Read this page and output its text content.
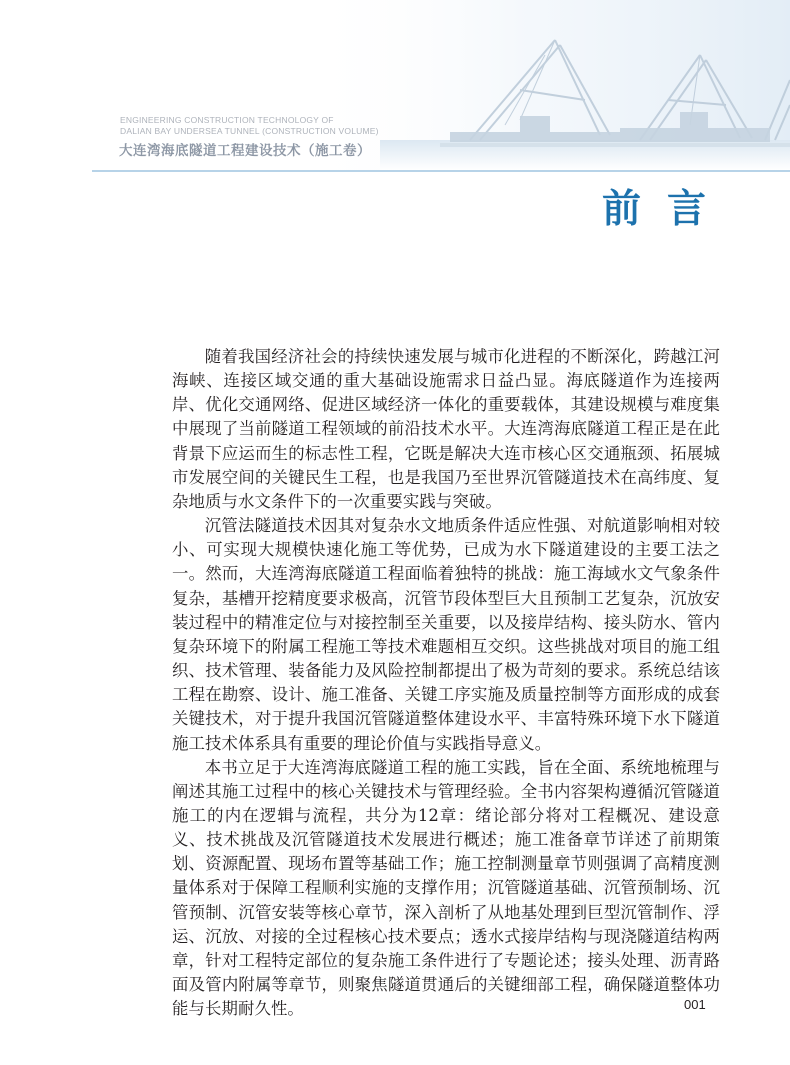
ENGINEERING CONSTRUCTION TECHNOLOGY OF
DALIAN BAY UNDERSEA TUNNEL (CONSTRUCTION VOLUME)
大连湾海底隧道工程建设技术（施工卷）
前言

随着我国经济社会的持续快速发展与城市化进程的不断深化，跨越江河海峡、连接区域交通的重大基础设施需求日益凸显。海底隧道作为连接两岸、优化交通网络、促进区域经济一体化的重要载体，其建设规模与难度集中展现了当前隧道工程领域的前沿技术水平。大连湾海底隧道工程正是在此背景下应运而生的标志性工程，它既是解决大连市核心区交通瓶颈、拓展城市发展空间的关键民生工程，也是我国乃至世界沉管隧道技术在高纬度、复杂地质与水文条件下的一次重要实践与突破。

沉管法隧道技术因其对复杂水文地质条件适应性强、对航道影响相对较小、可实现大规模快速化施工等优势，已成为水下隧道建设的主要工法之一。然而，大连湾海底隧道工程面临着独特的挑战：施工海域水文气象条件复杂，基槽开挖精度要求极高，沉管节段体型巨大且预制工艺复杂，沉放安装过程中的精准定位与对接控制至关重要，以及接岸结构、接头防水、管内复杂环境下的附属工程施工等技术难题相互交织。这些挑战对项目的施工组织、技术管理、装备能力及风险控制都提出了极为苛刻的要求。系统总结该工程在勘察、设计、施工准备、关键工序实施及质量控制等方面形成的成套关键技术，对于提升我国沉管隧道整体建设水平、丰富特殊环境下水下隧道施工技术体系具有重要的理论价值与实践指导意义。

本书立足于大连湾海底隧道工程的施工实践，旨在全面、系统地梳理与阐述其施工过程中的核心关键技术与管理经验。全书内容架构遵循沉管隧道施工的内在逻辑与流程，共分为12章：绪论部分将对工程概况、建设意义、技术挑战及沉管隧道技术发展进行概述；施工准备章节详述了前期策划、资源配置、现场布置等基础工作；施工控制测量章节则强调了高精度测量体系对于保障工程顺利实施的支撑作用；沉管隧道基础、沉管预制场、沉管预制、沉管安装等核心章节，深入剖析了从地基处理到巨型沉管制作、浮运、沉放、对接的全过程核心技术要点；透水式接岸结构与现浇隧道结构两章，针对工程特定部位的复杂施工条件进行了专题论述；接头处理、沥青路面及管内附属等章节，则聚焦隧道贯通后的关键细部工程，确保隧道整体功能与长期耐久性。	001
